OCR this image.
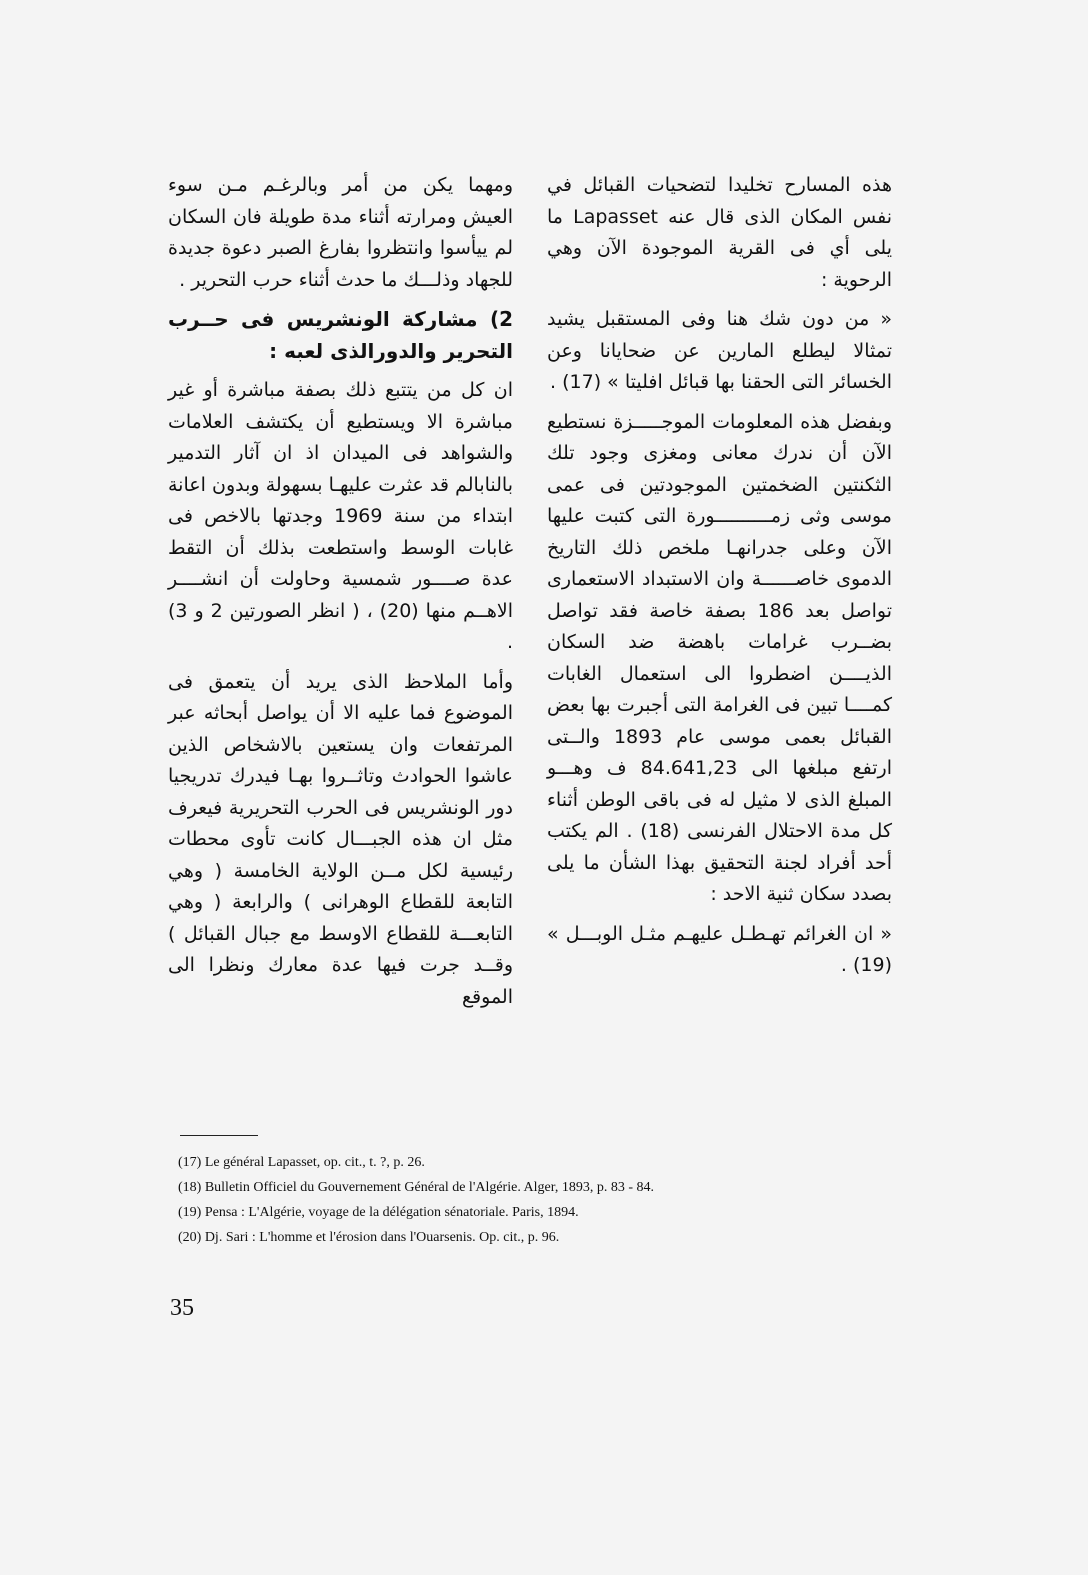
هذه المسارح تخليدا لتضحيات القبائل في نفس المكان الذى قال عنه Lapasset ما يلى أي فى القرية الموجودة الآن وهي الرحوية :

« من دون شك هنا وفى المستقبل يشيد تمثالا ليطلع المارين عن ضحايانا وعن الخسائر التى الحقنا بها قبائل افليتا » (17) .

وبفضل هذه المعلومات الموجـــــزة نستطيع الآن أن ندرك معانى ومغزى وجود تلك الثكنتين الضخمتين الموجودتين فى عمى موسى وثى زمــــــــــورة التى كتبت عليها الآن وعلى جدرانهـا ملخص ذلك التاريخ الدموى خاصــــــة وان الاستبداد الاستعمارى تواصل بعد 186 بصفة خاصة فقد تواصل بضــرب غرامات باهضة ضد السكان الذيــــن اضطروا الى استعمال الغابات كمــــا تبين فى الغرامة التى أجبرت بها بعض القبائل بعمى موسى عام 1893 والــتى ارتفع مبلغها الى 84.641,23 ف وهـــو المبلغ الذى لا مثيل له فى باقى الوطن أثناء كل مدة الاحتلال الفرنسى (18) . الم يكتب أحد أفراد لجنة التحقيق بهذا الشأن ما يلى بصدد سكان ثنية الاحد :

« ان الغرائم تهـطـل عليهـم مثـل الوبـــل » (19) .

ومهما يكن من أمر وبالرغـم مـن سوء العيش ومرارته أثناء مدة طويلة فان السكان لم ييأسوا وانتظروا بفارغ الصبر دعوة جديدة للجهاد وذلـــك ما حدث أثناء حرب التحرير .

2) مشاركة الونشريس فى حــرب التحرير والدورالذى لعبه :

ان كل من يتتبع ذلك بصفة مباشرة أو غير مباشرة الا ويستطيع أن يكتشف العلامات والشواهد فى الميدان اذ ان آثار التدمير بالنابالم قد عثرت عليهـا بسهولة وبدون اعانة ابتداء من سنة 1969 وجدتها بالاخص فى غابات الوسط واستطعت بذلك أن التقط عدة صــــور شمسية وحاولت أن انشــــر الاهــم منها (20) ، ( انظر الصورتين 2 و 3) .

وأما الملاحظ الذى يريد أن يتعمق فى الموضوع فما عليه الا أن يواصل أبحاثه عبر المرتفعات وان يستعين بالاشخاص الذين عاشوا الحوادث وتاثــروا بهـا فيدرك تدريجيا دور الونشريس فى الحرب التحريرية فيعرف مثل ان هذه الجبـــال كانت تأوى محطات رئيسية لكل مــن الولاية الخامسة ( وهي التابعة للقطاع الوهرانى ) والرابعة ( وهي التابعـــة للقطاع الاوسط مع جبال القبائل ) وقــد جرت فيها عدة معارك ونظرا الى الموقع

(17) Le général Lapasset, op. cit., t. ?, p. 26.
(18) Bulletin Officiel du Gouvernement Général de l'Algérie. Alger, 1893, p. 83 - 84.
(19) Pensa : L'Algérie, voyage de la délégation sénatoriale. Paris, 1894.
(20) Dj. Sari : L'homme et l'érosion dans l'Ouarsenis. Op. cit., p. 96.
35
